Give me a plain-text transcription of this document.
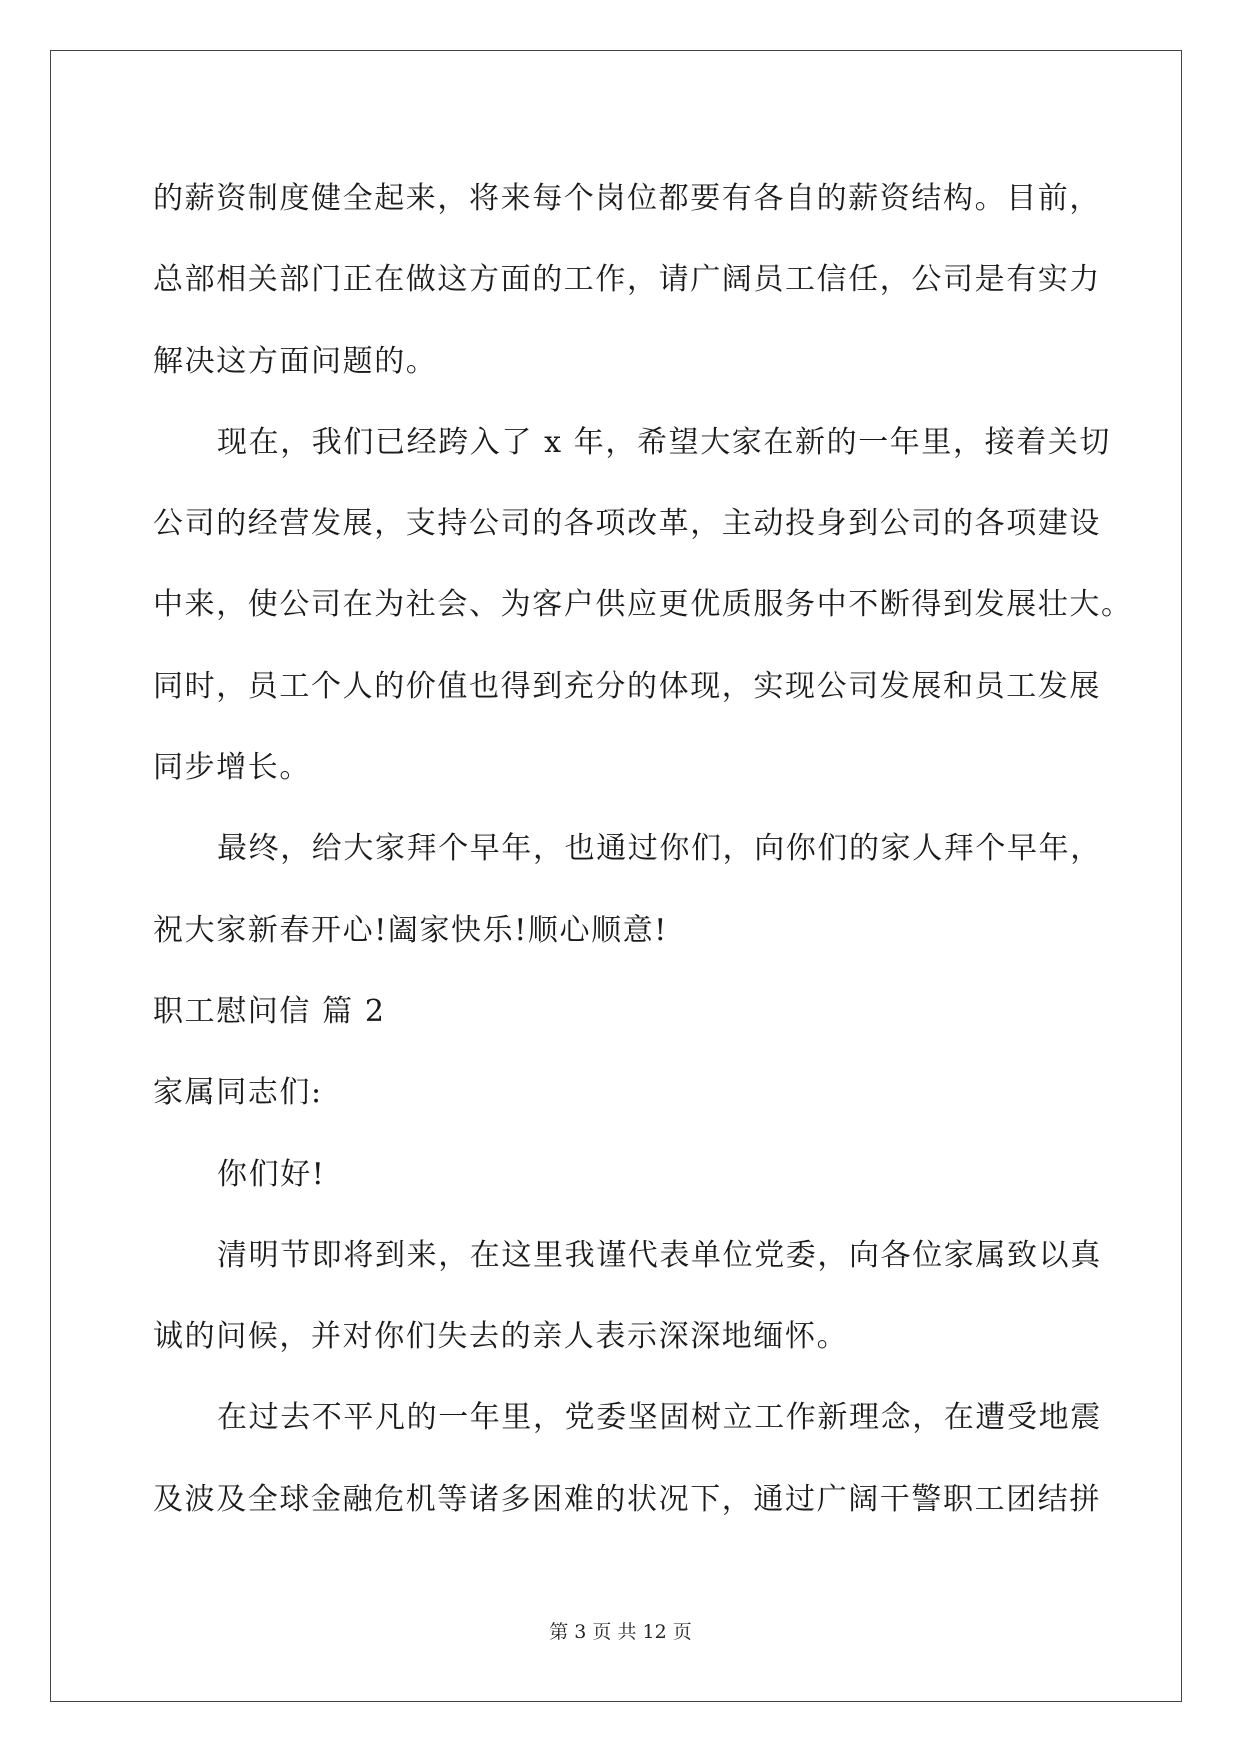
的薪资制度健全起来，将来每个岗位都要有各自的薪资结构。目前，
总部相关部门正在做这方面的工作，请广阔员工信任，公司是有实力
解决这方面问题的。
现在，我们已经跨入了 x 年，希望大家在新的一年里，接着关切
公司的经营发展，支持公司的各项改革，主动投身到公司的各项建设
中来，使公司在为社会、为客户供应更优质服务中不断得到发展壮大。
同时，员工个人的价值也得到充分的体现，实现公司发展和员工发展
同步增长。
最终，给大家拜个早年，也通过你们，向你们的家人拜个早年，
祝大家新春开心!阖家快乐!顺心顺意!
职工慰问信 篇 2
家属同志们:
你们好!
清明节即将到来，在这里我谨代表单位党委，向各位家属致以真
诚的问候，并对你们失去的亲人表示深深地缅怀。
在过去不平凡的一年里，党委坚固树立工作新理念，在遭受地震
及波及全球金融危机等诸多困难的状况下，通过广阔干警职工团结拼
第 3 页 共 12 页
